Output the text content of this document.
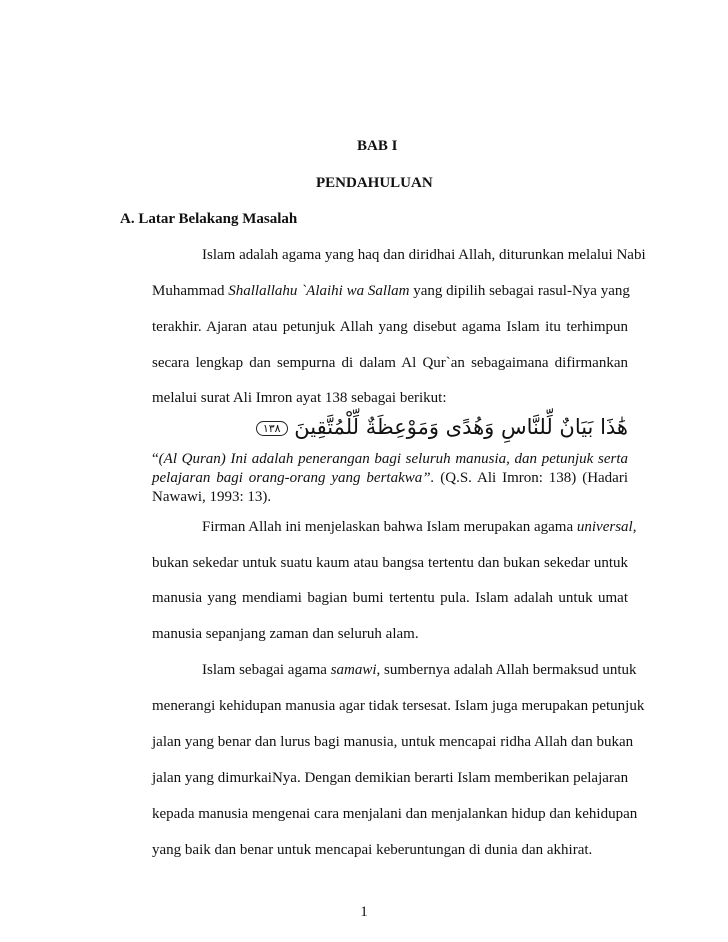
BAB I
PENDAHULUAN
A. Latar Belakang Masalah
Islam adalah agama yang haq dan diridhai Allah, diturunkan melalui Nabi
Muhammad Shallallahu `Alaihi wa Sallam yang dipilih sebagai rasul-Nya yang
terakhir. Ajaran atau petunjuk Allah yang disebut agama Islam itu terhimpun
secara lengkap dan sempurna di dalam Al Qur`an sebagaimana difirmankan
melalui surat Ali Imron ayat 138 sebagai berikut:
هَٰذَا بَيَانٌ لِّلنَّاسِ وَهُدًى وَمَوْعِظَةٌ لِّلْمُتَّقِينَ ١٣٨
“(Al Quran) Ini adalah penerangan bagi seluruh manusia, dan petunjuk serta
pelajaran bagi orang-orang yang bertakwa”. (Q.S. Ali Imron: 138) (Hadari
Nawawi, 1993: 13).
Firman Allah ini menjelaskan bahwa Islam merupakan agama universal,
bukan sekedar untuk suatu kaum atau bangsa tertentu dan bukan sekedar untuk
manusia yang mendiami bagian bumi tertentu pula. Islam adalah untuk umat
manusia sepanjang zaman dan seluruh alam.
Islam sebagai agama samawi, sumbernya adalah Allah bermaksud untuk
menerangi kehidupan manusia agar tidak tersesat. Islam juga merupakan petunjuk
jalan yang benar dan lurus bagi manusia, untuk mencapai ridha Allah dan bukan
jalan yang dimurkaiNya. Dengan demikian berarti Islam memberikan pelajaran
kepada manusia mengenai cara menjalani dan menjalankan hidup dan kehidupan
yang baik dan benar untuk mencapai keberuntungan di dunia dan akhirat.
1
